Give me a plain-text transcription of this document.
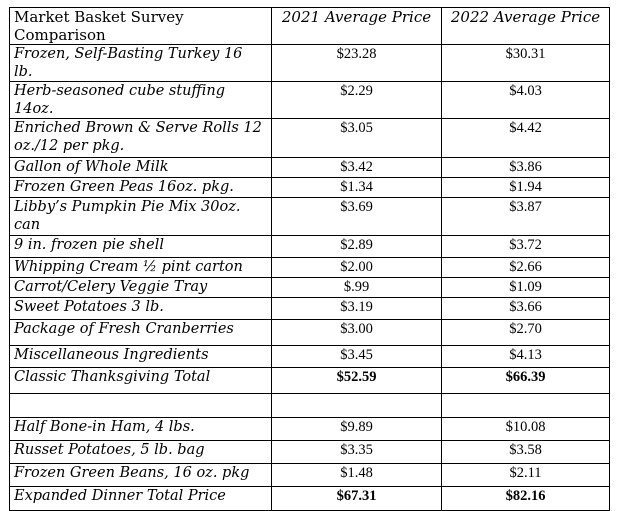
Market Basket Survey Comparison	2021 Average Price	2022 Average Price
Frozen, Self-Basting Turkey 16 lb.	$23.28	$30.31
Herb-seasoned cube stuffing 14oz.	$2.29	$4.03
Enriched Brown & Serve Rolls 12 oz./12 per pkg.	$3.05	$4.42
Gallon of Whole Milk	$3.42	$3.86
Frozen Green Peas 16oz. pkg.	$1.34	$1.94
Libby’s Pumpkin Pie Mix 30oz. can	$3.69	$3.87
9 in. frozen pie shell	$2.89	$3.72
Whipping Cream ½ pint carton	$2.00	$2.66
Carrot/Celery Veggie Tray	$.99	$1.09
Sweet Potatoes 3 lb.	$3.19	$3.66
Package of Fresh Cranberries	$3.00	$2.70
Miscellaneous Ingredients	$3.45	$4.13
Classic Thanksgiving Total	$52.59	$66.39

Half Bone-in Ham, 4 lbs.	$9.89	$10.08
Russet Potatoes, 5 lb. bag	$3.35	$3.58
Frozen Green Beans, 16 oz. pkg	$1.48	$2.11
Expanded Dinner Total Price	$67.31	$82.16
